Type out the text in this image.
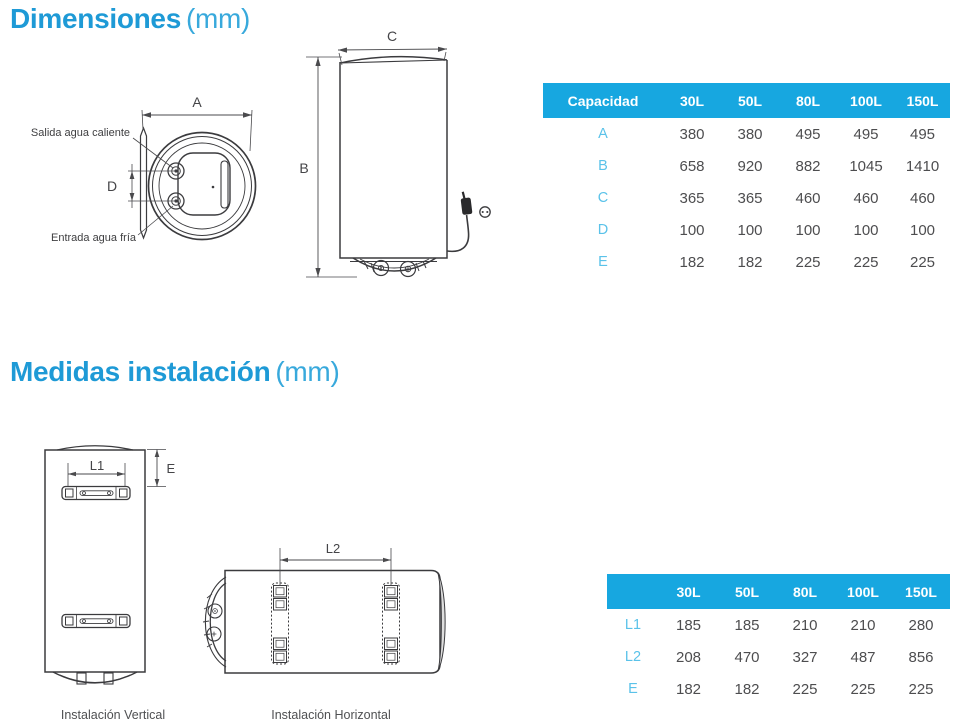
Dimensiones (mm)
A
D
Salida agua caliente
Entrada agua fría
B
C
Capacidad	30L	50L	80L	100L	150L
A	380	380	495	495	495
B	658	920	882	1045	1410
C	365	365	460	460	460
D	100	100	100	100	100
E	182	182	225	225	225
Medidas instalación (mm)
L1	E
Instalación Vertical
L2
Instalación Horizontal
	30L	50L	80L	100L	150L
L1	185	185	210	210	280
L2	208	470	327	487	856
E	182	182	225	225	225
